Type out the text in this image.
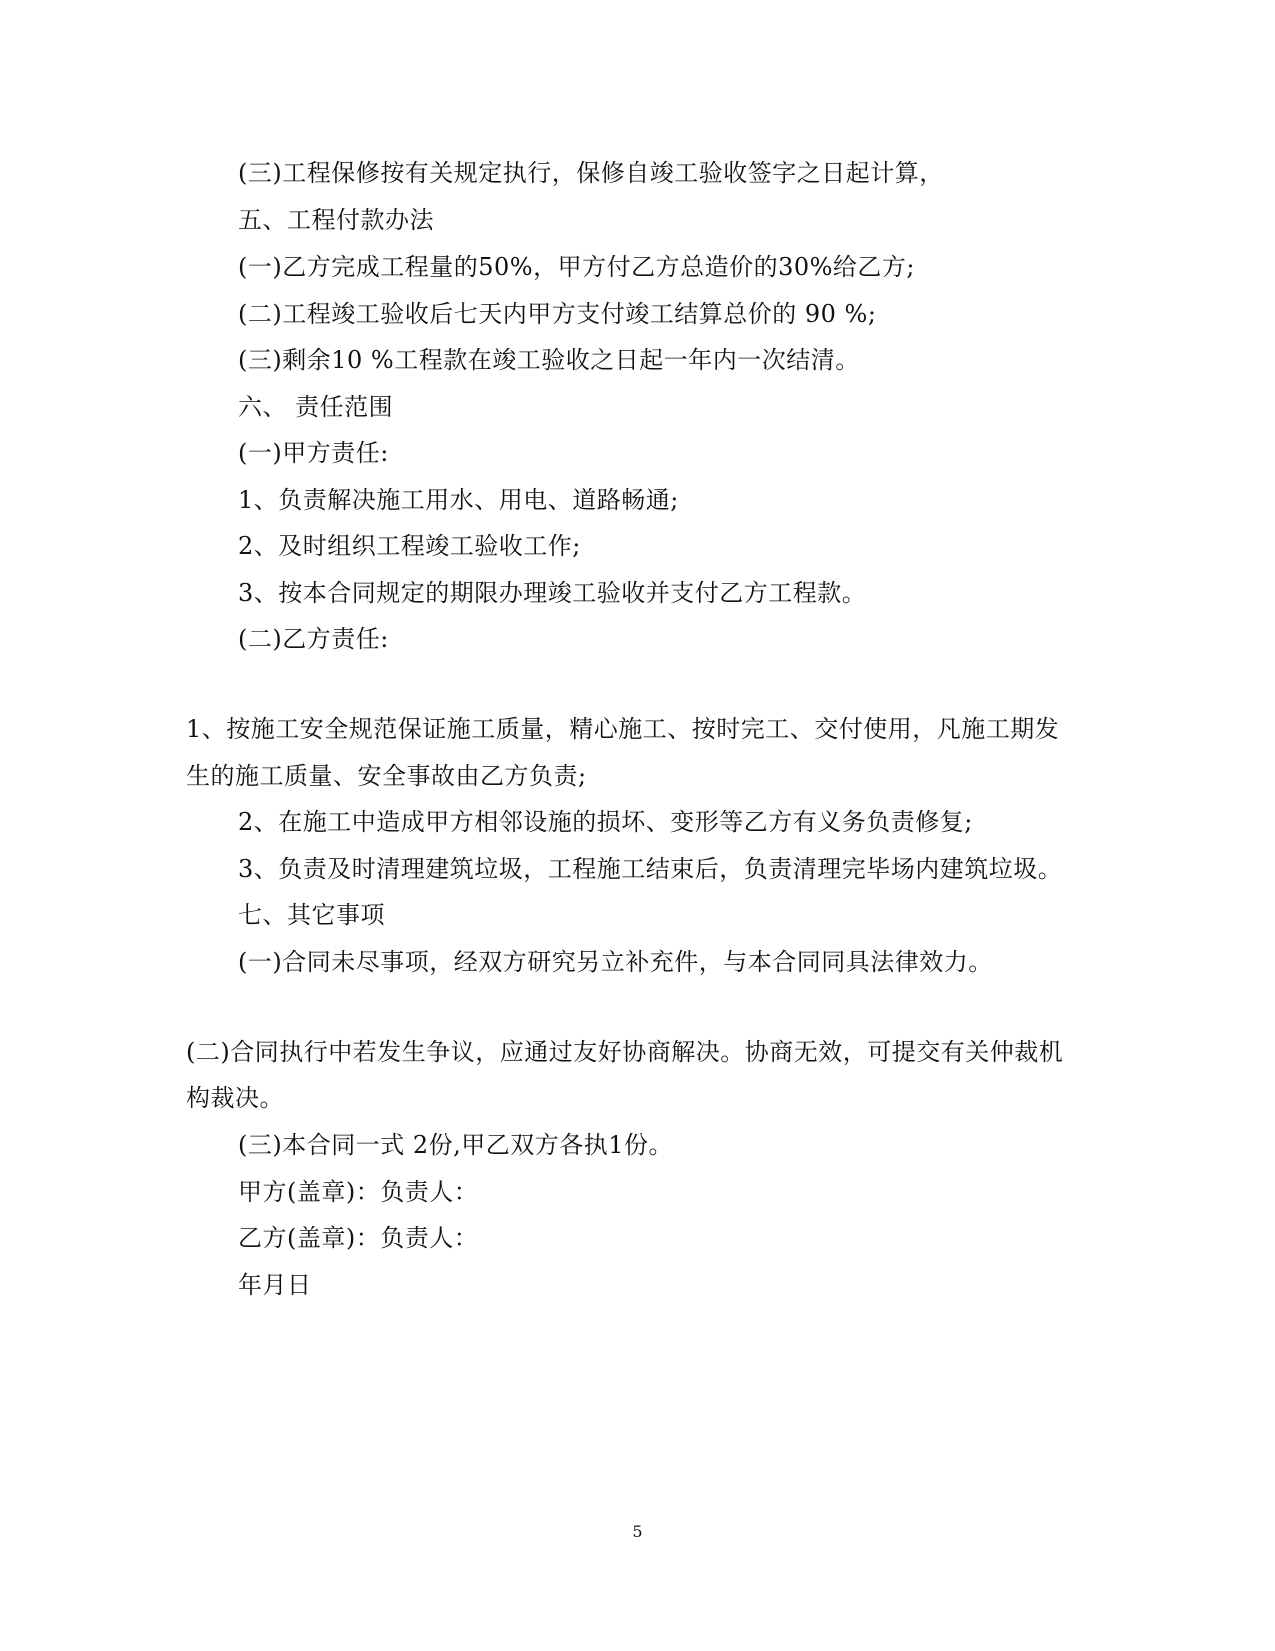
(三)工程保修按有关规定执行，保修自竣工验收签字之日起计算，
五、工程付款办法
(一)乙方完成工程量的50%，甲方付乙方总造价的30%给乙方;
(二)工程竣工验收后七天内甲方支付竣工结算总价的 90 %;
(三)剩余10 %工程款在竣工验收之日起一年内一次结清。
六、 责任范围
(一)甲方责任:
1、负责解决施工用水、用电、道路畅通;
2、及时组织工程竣工验收工作;
3、按本合同规定的期限办理竣工验收并支付乙方工程款。
(二)乙方责任:
1、按施工安全规范保证施工质量，精心施工、按时完工、交付使用，凡施工期发
生的施工质量、安全事故由乙方负责;
2、在施工中造成甲方相邻设施的损坏、变形等乙方有义务负责修复;
3、负责及时清理建筑垃圾，工程施工结束后，负责清理完毕场内建筑垃圾。
七、其它事项
(一)合同未尽事项，经双方研究另立补充件，与本合同同具法律效力。
(二)合同执行中若发生争议，应通过友好协商解决。协商无效，可提交有关仲裁机
构裁决。
(三)本合同一式 2份,甲乙双方各执1份。
甲方(盖章)：负责人：
乙方(盖章)：负责人：
年月日
5
